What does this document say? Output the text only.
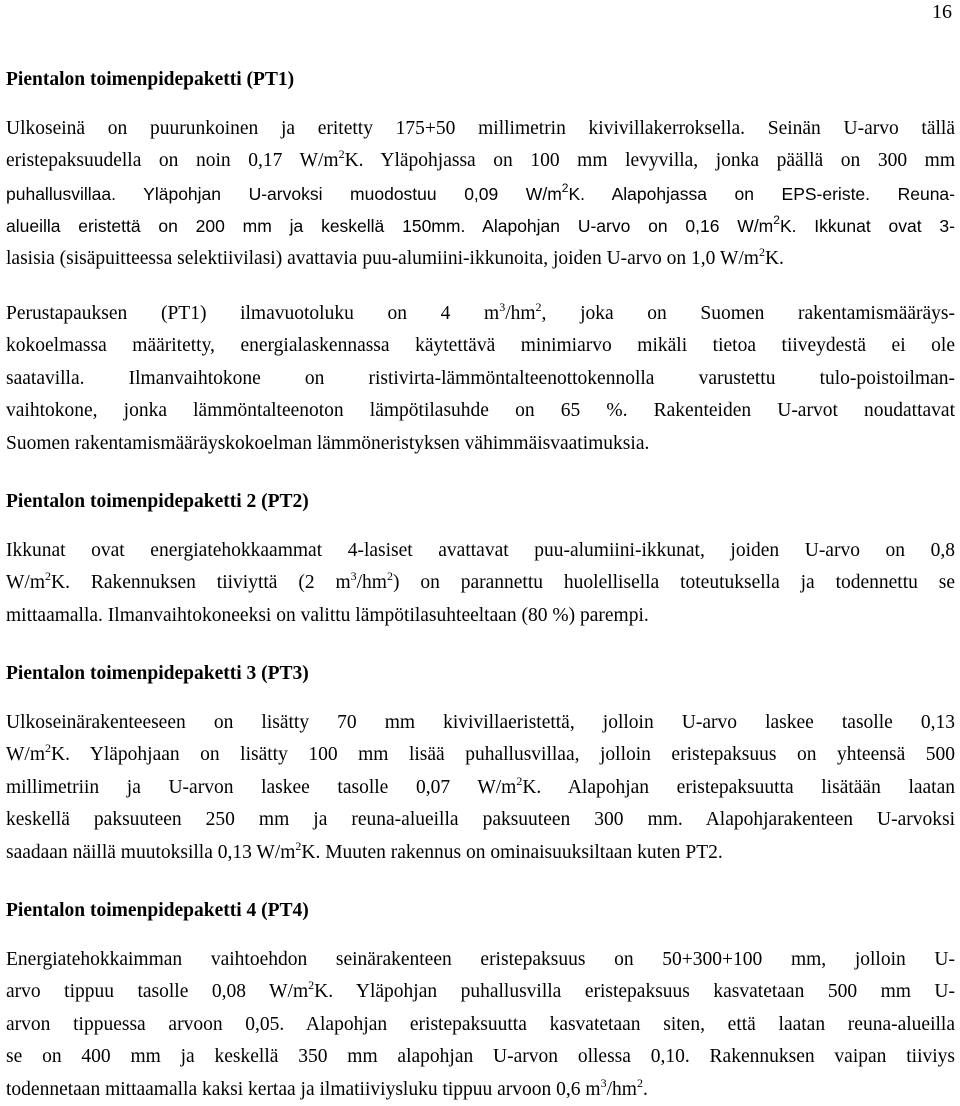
16
Pientalon toimenpidepaketti (PT1)
Ulkoseinä on puurunkoinen ja eritetty 175+50 millimetrin kivivillakerroksella. Seinän U-arvo tällä
eristepaksuudella on noin 0,17 $W/m^2K$. Yläpohjassa on 100 mm levyvilla, jonka päällä on 300 mm
puhallusvillaa. Yläpohjan U-arvoksi muodostuu 0,09 $W/m^2K$. Alapohjassa on EPS-eriste. Reuna-
alueilla eristettä on 200 mm ja keskellä 150mm. Alapohjan U-arvo on 0,16 $W/m^2K$. Ikkunat ovat 3-
lasisia (sisäpuitteessa selektiivilasi) avattavia puu-alumiini-ikkunoita, joiden U-arvo on 1,0 $W/m^2K$.
Perustapauksen (PT1) ilmavuotoluku on 4 $m^3/hm^2$, joka on Suomen rakentamismääräys-
kokoelmassa määritetty, energialaskennassa käytettävä minimiarvo mikäli tietoa tiiveydestä ei ole
saatavilla. Ilmanvaihtokone on ristivirta-lämmöntalteenottokennolla varustettu tulo-poistoilman-
vaihtokone, jonka lämmöntalteenoton lämpötilasuhde on 65 %. Rakenteiden U-arvot noudattavat
Suomen rakentamismääräyskokoelman lämmöneristyksen vähimmäisvaatimuksia.
Pientalon toimenpidepaketti 2 (PT2)
Ikkunat ovat energiatehokkaammat 4-lasiset avattavat puu-alumiini-ikkunat, joiden U-arvo on 0,8
$W/m^2K$. Rakennuksen tiiviyttä (2 $m^3/hm^2$) on parannettu huolellisella toteutuksella ja todennettu se
mittaamalla. Ilmanvaihtokoneeksi on valittu lämpötilasuhteeltaan (80 %) parempi.
Pientalon toimenpidepaketti 3 (PT3)
Ulkoseinärakenteeseen on lisätty 70 mm kivivillaeristettä, jolloin U-arvo laskee tasolle 0,13
$W/m^2K$. Yläpohjaan on lisätty 100 mm lisää puhallusvillaa, jolloin eristepaksuus on yhteensä 500
millimetriin ja U-arvon laskee tasolle 0,07 $W/m^2K$. Alapohjan eristepaksuutta lisätään laatan
keskellä paksuuteen 250 mm ja reuna-alueilla paksuuteen 300 mm. Alapohjarakenteen U-arvoksi
saadaan näillä muutoksilla 0,13 $W/m^2K$. Muuten rakennus on ominaisuuksiltaan kuten PT2.
Pientalon toimenpidepaketti 4 (PT4)
Energiatehokkaimman vaihtoehdon seinärakenteen eristepaksuus on 50+300+100 mm, jolloin U-
arvo tippuu tasolle 0,08 $W/m^2K$. Yläpohjan puhallusvilla eristepaksuus kasvatetaan 500 mm U-
arvon tippuessa arvoon 0,05. Alapohjan eristepaksuutta kasvatetaan siten, että laatan reuna-alueilla
se on 400 mm ja keskellä 350 mm alapohjan U-arvon ollessa 0,10. Rakennuksen vaipan tiiviys
todennetaan mittaamalla kaksi kertaa ja ilmatiiviysluku tippuu arvoon 0,6 $m^3/hm^2$.
